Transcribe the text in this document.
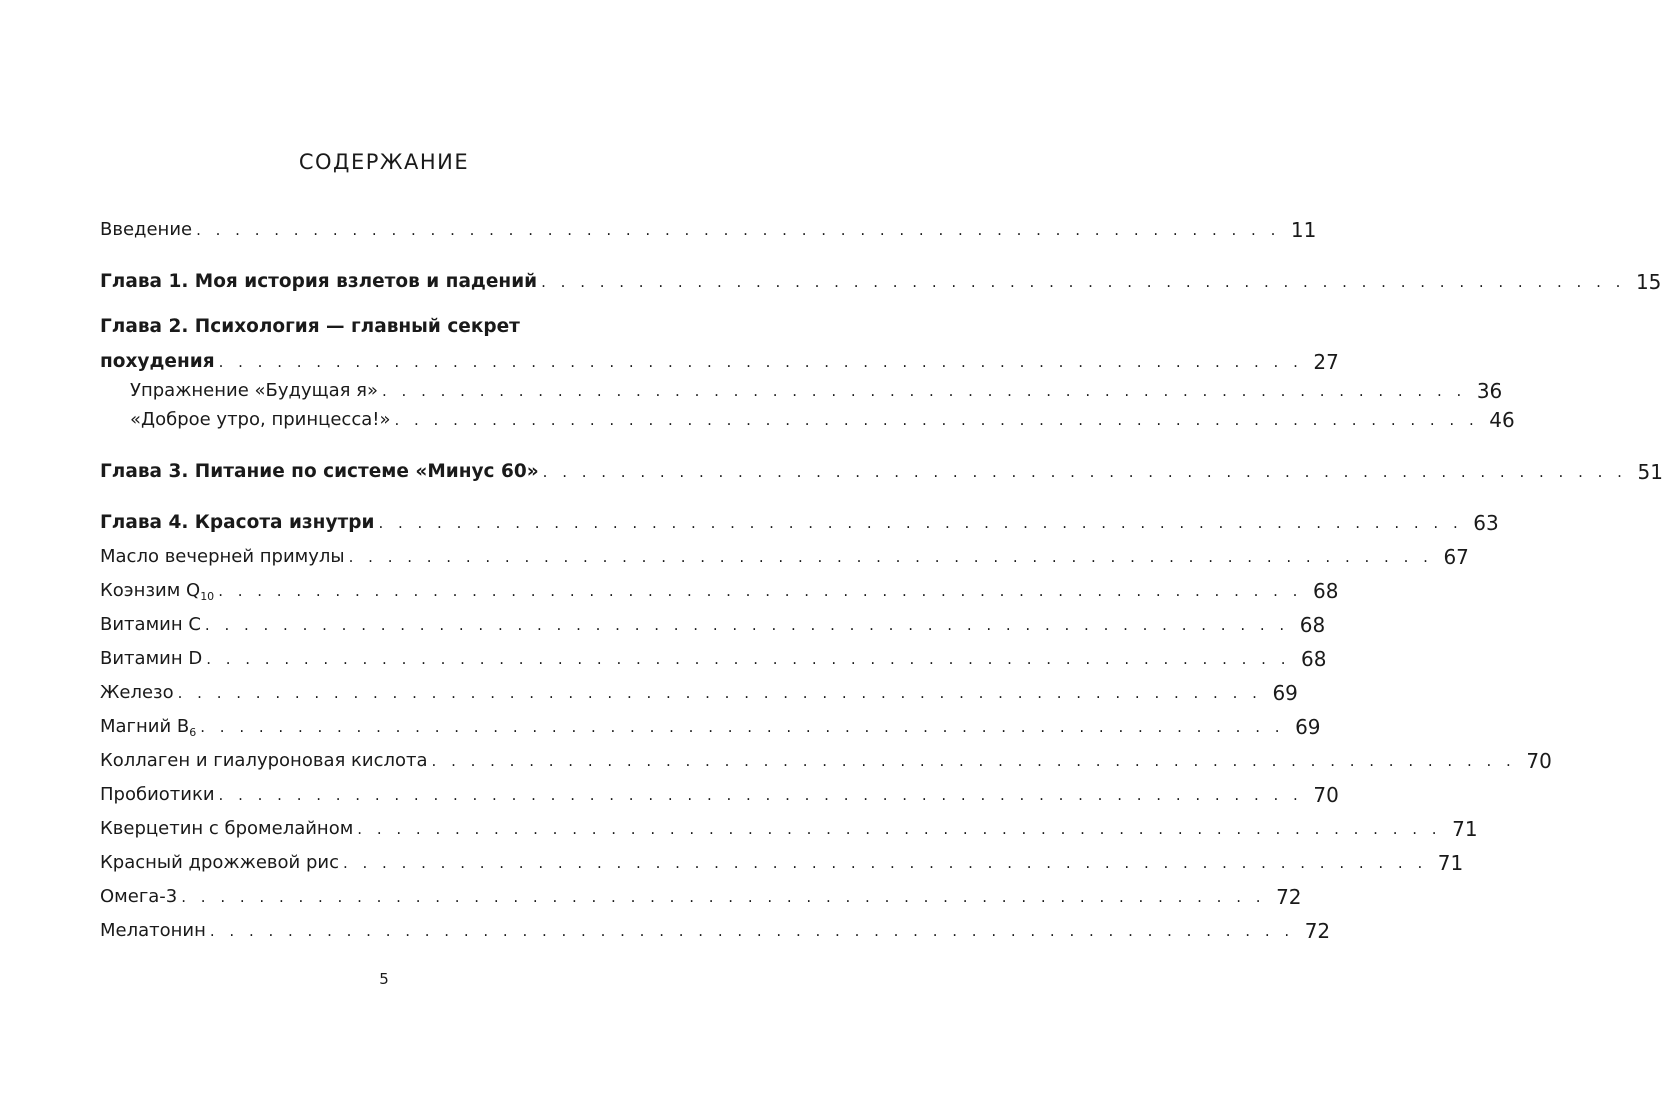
СОДЕРЖАНИЕ
Введение . . . . . . . . . . . . . . . . . . . . . . . . . . . . . . . . . . . . . . . . . . . . . . . . . . . . . . . . 11
Глава 1. Моя история взлетов и падений . . . . . . . . . . . . . . . . . . . . . . . . . . . . . . . . . . . . . . . . . . . . . . . . . . . . . . . . 15
Глава 2. Психология — главный секрет
похудения . . . . . . . . . . . . . . . . . . . . . . . . . . . . . . . . . . . . . . . . . . . . . . . . . . . . . . . . 27
Упражнение «Будущая я» . . . . . . . . . . . . . . . . . . . . . . . . . . . . . . . . . . . . . . . . . . . . . . . . . . . . . . . . 36
«Доброе утро, принцесса!» . . . . . . . . . . . . . . . . . . . . . . . . . . . . . . . . . . . . . . . . . . . . . . . . . . . . . . . . 46
Глава 3. Питание по системе «Минус 60» . . . . . . . . . . . . . . . . . . . . . . . . . . . . . . . . . . . . . . . . . . . . . . . . . . . . . . . . 51
Глава 4. Красота изнутри . . . . . . . . . . . . . . . . . . . . . . . . . . . . . . . . . . . . . . . . . . . . . . . . . . . . . . . . 63
Масло вечерней примулы . . . . . . . . . . . . . . . . . . . . . . . . . . . . . . . . . . . . . . . . . . . . . . . . . . . . . . . . 67
Коэнзим $Q_{10}$ . . . . . . . . . . . . . . . . . . . . . . . . . . . . . . . . . . . . . . . . . . . . . . . . . . . . . . . . 68
Витамин С . . . . . . . . . . . . . . . . . . . . . . . . . . . . . . . . . . . . . . . . . . . . . . . . . . . . . . . . 68
Витамин D . . . . . . . . . . . . . . . . . . . . . . . . . . . . . . . . . . . . . . . . . . . . . . . . . . . . . . . . 68
Железо . . . . . . . . . . . . . . . . . . . . . . . . . . . . . . . . . . . . . . . . . . . . . . . . . . . . . . . . 69
Магний $В_6$ . . . . . . . . . . . . . . . . . . . . . . . . . . . . . . . . . . . . . . . . . . . . . . . . . . . . . . . . 69
Коллаген и гиалуроновая кислота . . . . . . . . . . . . . . . . . . . . . . . . . . . . . . . . . . . . . . . . . . . . . . . . . . . . . . . . 70
Пробиотики . . . . . . . . . . . . . . . . . . . . . . . . . . . . . . . . . . . . . . . . . . . . . . . . . . . . . . . . 70
Кверцетин с бромелайном . . . . . . . . . . . . . . . . . . . . . . . . . . . . . . . . . . . . . . . . . . . . . . . . . . . . . . . . 71
Красный дрожжевой рис . . . . . . . . . . . . . . . . . . . . . . . . . . . . . . . . . . . . . . . . . . . . . . . . . . . . . . . . 71
Омега-3 . . . . . . . . . . . . . . . . . . . . . . . . . . . . . . . . . . . . . . . . . . . . . . . . . . . . . . . . 72
Мелатонин . . . . . . . . . . . . . . . . . . . . . . . . . . . . . . . . . . . . . . . . . . . . . . . . . . . . . . . . 72
5
